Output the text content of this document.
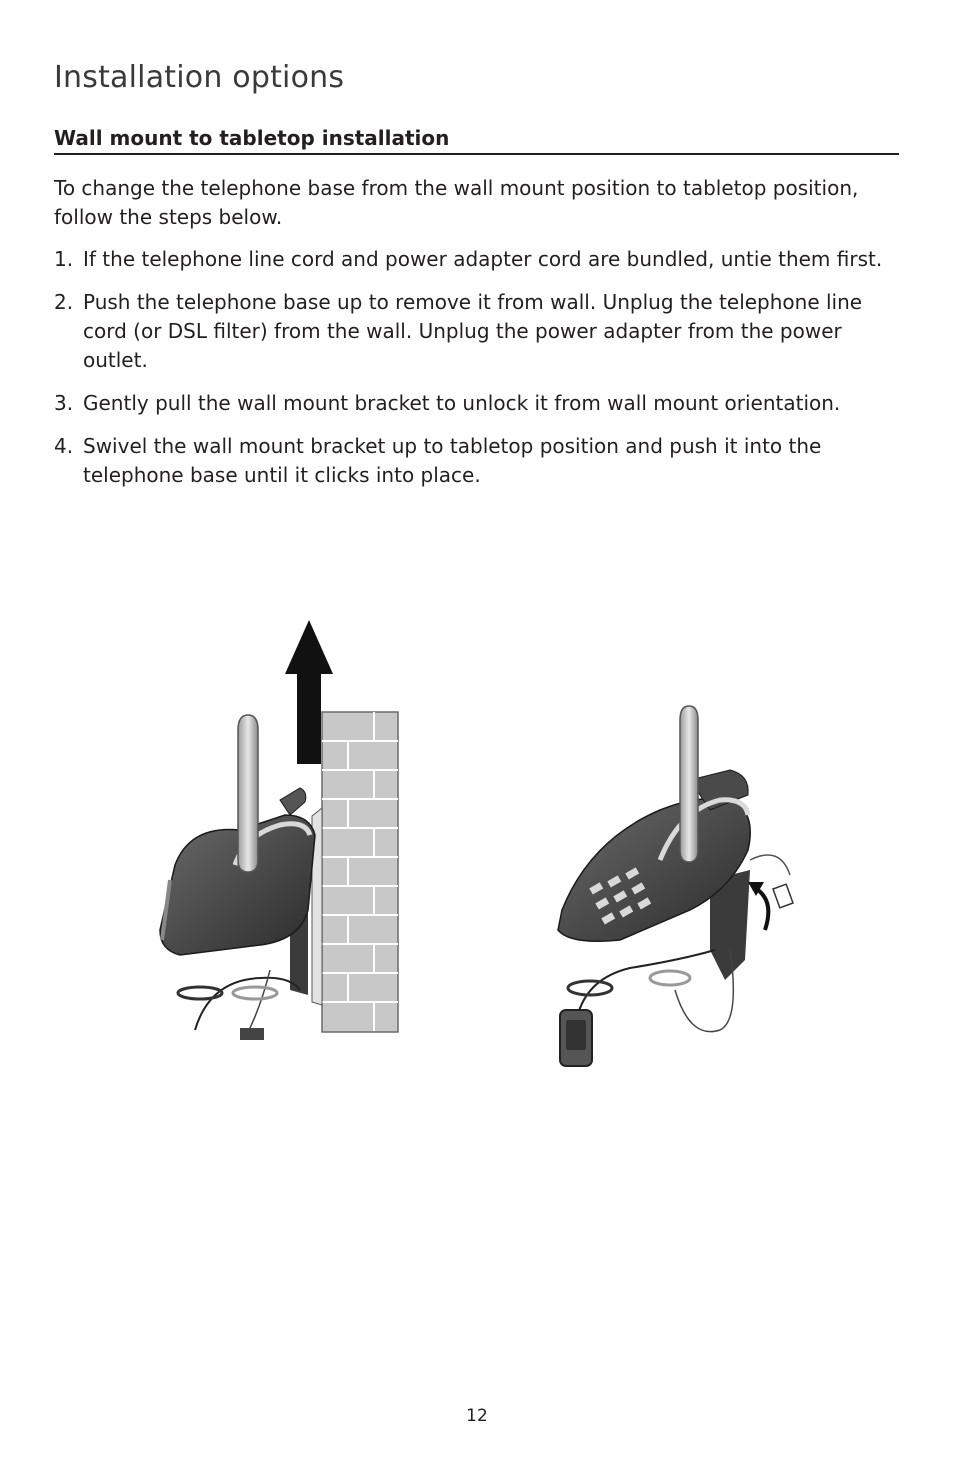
Installation options
Wall mount to tabletop installation

To change the telephone base from the wall mount position to tabletop position, follow the steps below.

1. If the telephone line cord and power adapter cord are bundled, untie them first.
2. Push the telephone base up to remove it from wall. Unplug the telephone line cord (or DSL filter) from the wall. Unplug the power adapter from the power outlet.
3. Gently pull the wall mount bracket to unlock it from wall mount orientation.
4. Swivel the wall mount bracket up to tabletop position and push it into the telephone base until it clicks into place.

12
